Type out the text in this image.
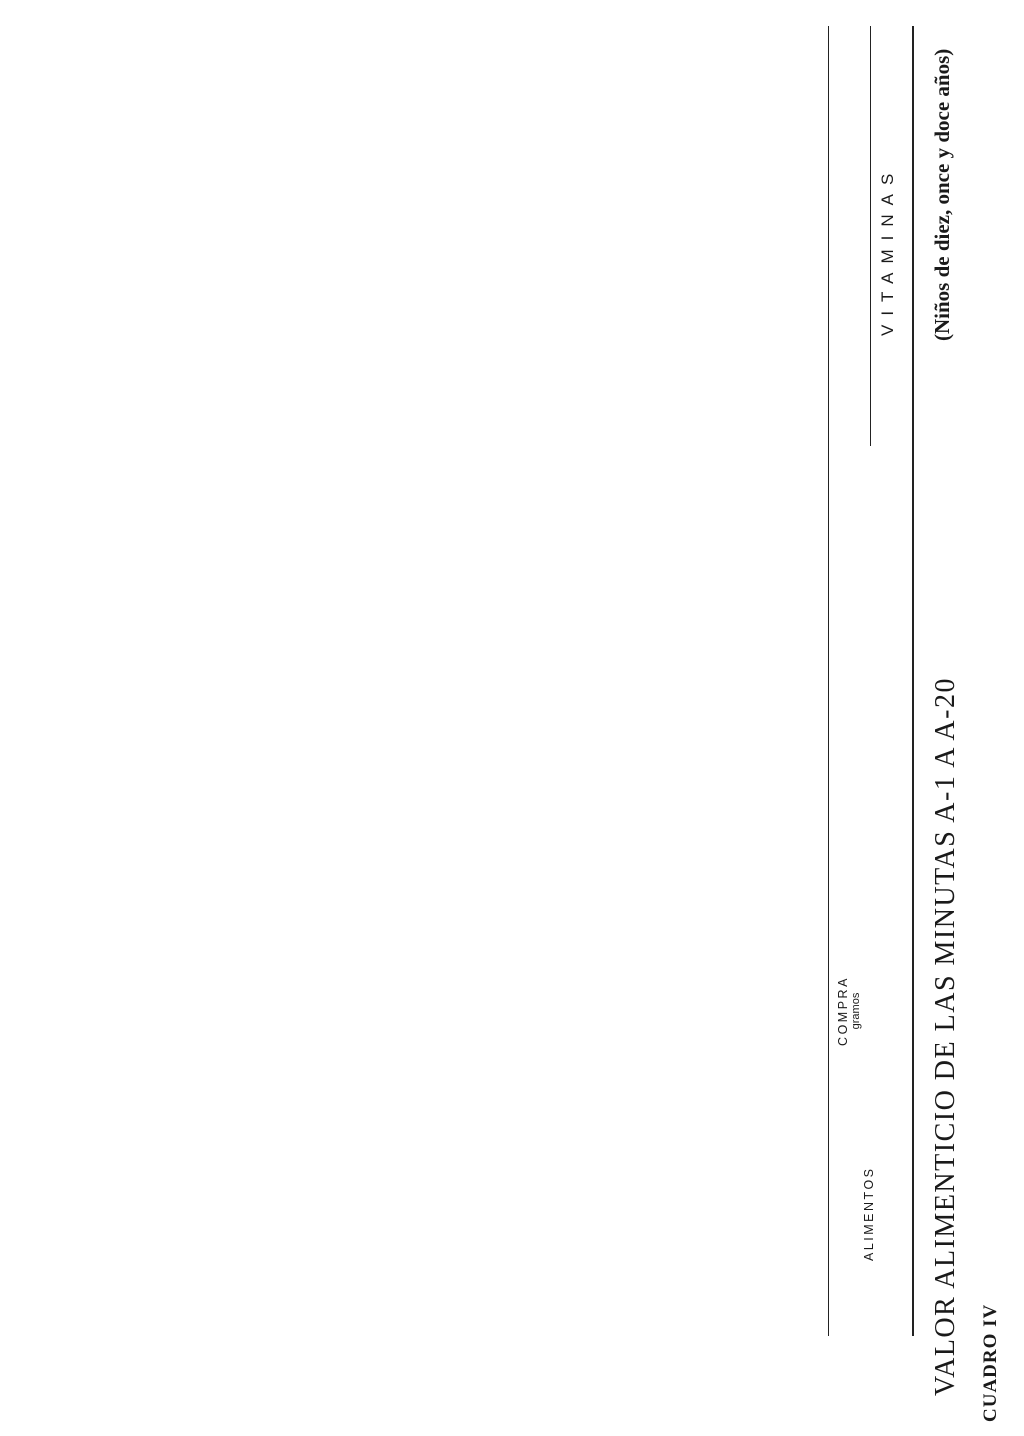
CUADRO IV
VALOR ALIMENTICIO DE LAS MINUTAS A-1 A A-20
(Niños de diez, once y doce años)
ALIMENTOS
VITAMINAS
COMPRA gramos
